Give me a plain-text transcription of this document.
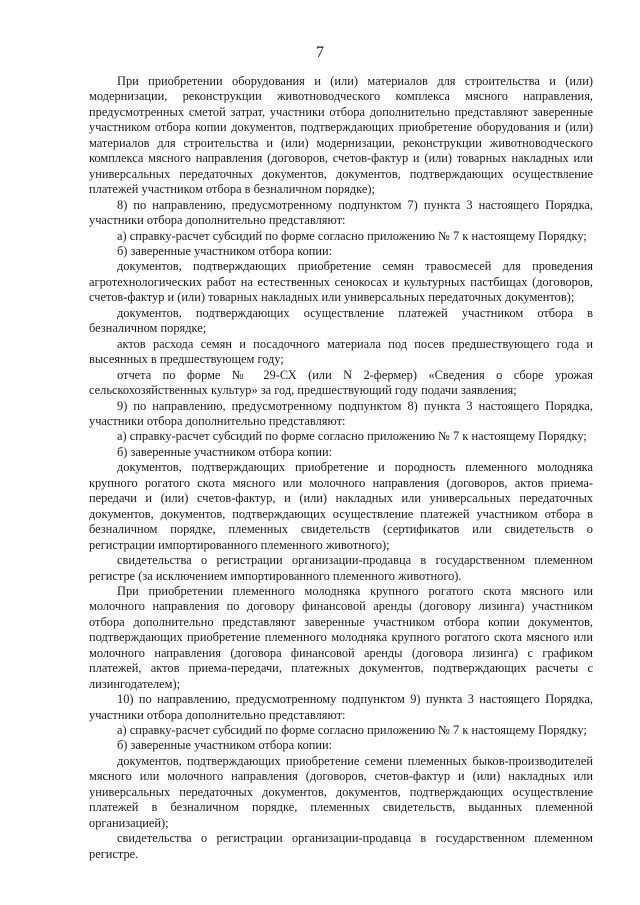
7

При приобретении оборудования и (или) материалов для строительства и (или) модернизации, реконструкции животноводческого комплекса мясного направления, предусмотренных сметой затрат, участники отбора дополнительно представляют заверенные участником отбора копии документов, подтверждающих приобретение оборудования и (или) материалов для строительства и (или) модернизации, реконструкции животноводческого комплекса мясного направления (договоров, счетов-фактур и (или) товарных накладных или универсальных передаточных документов, документов, подтверждающих осуществление платежей участником отбора в безналичном порядке);

8) по направлению, предусмотренному подпунктом 7) пункта 3 настоящего Порядка, участники отбора дополнительно представляют:

а) справку-расчет субсидий по форме согласно приложению № 7 к настоящему Порядку;

б) заверенные участником отбора копии:

документов, подтверждающих приобретение семян травосмесей для проведения агротехнологических работ на естественных сенокосах и культурных пастбищах (договоров, счетов-фактур и (или) товарных накладных или универсальных передаточных документов);

документов, подтверждающих осуществление платежей участником отбора в безналичном порядке;

актов расхода семян и посадочного материала под посев предшествующего года и высеянных в предшествующем году;

отчета по форме № 29-СХ (или N 2-фермер) «Сведения о сборе урожая сельскохозяйственных культур» за год, предшествующий году подачи заявления;

9) по направлению, предусмотренному подпунктом 8) пункта 3 настоящего Порядка, участники отбора дополнительно представляют:

а) справку-расчет субсидий по форме согласно приложению № 7 к настоящему Порядку;

б) заверенные участником отбора копии:

документов, подтверждающих приобретение и породность племенного молодняка крупного рогатого скота мясного или молочного направления (договоров, актов приема-передачи и (или) счетов-фактур, и (или) накладных или универсальных передаточных документов, документов, подтверждающих осуществление платежей участником отбора в безналичном порядке, племенных свидетельств (сертификатов или свидетельств о регистрации импортированного племенного животного);

свидетельства о регистрации организации-продавца в государственном племенном регистре (за исключением импортированного племенного животного).

При приобретении племенного молодняка крупного рогатого скота мясного или молочного направления по договору финансовой аренды (договору лизинга) участником отбора дополнительно представляют заверенные участником отбора копии документов, подтверждающих приобретение племенного молодняка крупного рогатого скота мясного или молочного направления (договора финансовой аренды (договора лизинга) с графиком платежей, актов приема-передачи, платежных документов, подтверждающих расчеты с лизингодателем);

10) по направлению, предусмотренному подпунктом 9) пункта 3 настоящего Порядка, участники отбора дополнительно представляют:

а) справку-расчет субсидий по форме согласно приложению № 7 к настоящему Порядку;

б) заверенные участником отбора копии:

документов, подтверждающих приобретение семени племенных быков-производителей мясного или молочного направления (договоров, счетов-фактур и (или) накладных или универсальных передаточных документов, документов, подтверждающих осуществление платежей в безналичном порядке, племенных свидетельств, выданных племенной организацией);

свидетельства о регистрации организации-продавца в государственном племенном регистре.
